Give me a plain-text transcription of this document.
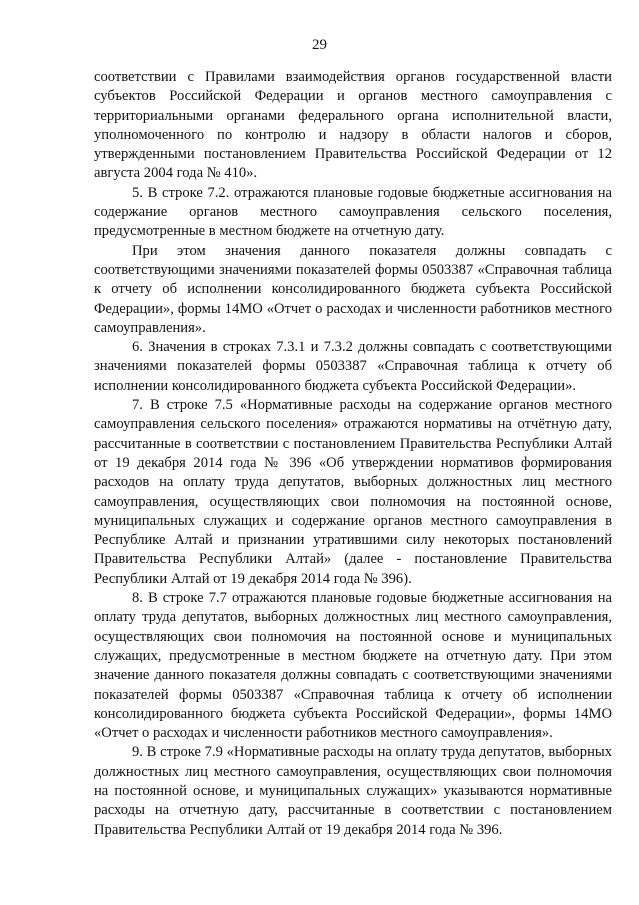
29

соответствии с Правилами взаимодействия органов государственной власти субъектов Российской Федерации и органов местного самоуправления с территориальными органами федерального органа исполнительной власти, уполномоченного по контролю и надзору в области налогов и сборов, утвержденными постановлением Правительства Российской Федерации от 12 августа 2004 года № 410».

5. В строке 7.2. отражаются плановые годовые бюджетные ассигнования на содержание органов местного самоуправления сельского поселения, предусмотренные в местном бюджете на отчетную дату.

При этом значения данного показателя должны совпадать с соответствующими значениями показателей формы 0503387 «Справочная таблица к отчету об исполнении консолидированного бюджета субъекта Российской Федерации», формы 14МО «Отчет о расходах и численности работников местного самоуправления».

6. Значения в строках 7.3.1 и 7.3.2 должны совпадать с соответствующими значениями показателей формы 0503387 «Справочная таблица к отчету об исполнении консолидированного бюджета субъекта Российской Федерации».

7. В строке 7.5 «Нормативные расходы на содержание органов местного самоуправления сельского поселения» отражаются нормативы на отчётную дату, рассчитанные в соответствии с постановлением Правительства Республики Алтай от 19 декабря 2014 года № 396 «Об утверждении нормативов формирования расходов на оплату труда депутатов, выборных должностных лиц местного самоуправления, осуществляющих свои полномочия на постоянной основе, муниципальных служащих и содержание органов местного самоуправления в Республике Алтай и признании утратившими силу некоторых постановлений Правительства Республики Алтай» (далее - постановление Правительства Республики Алтай от 19 декабря 2014 года № 396).

8. В строке 7.7 отражаются плановые годовые бюджетные ассигнования на оплату труда депутатов, выборных должностных лиц местного самоуправления, осуществляющих свои полномочия на постоянной основе и муниципальных служащих, предусмотренные в местном бюджете на отчетную дату. При этом значение данного показателя должны совпадать с соответствующими значениями показателей формы 0503387 «Справочная таблица к отчету об исполнении консолидированного бюджета субъекта Российской Федерации», формы 14МО «Отчет о расходах и численности работников местного самоуправления».

9. В строке 7.9 «Нормативные расходы на оплату труда депутатов, выборных должностных лиц местного самоуправления, осуществляющих свои полномочия на постоянной основе, и муниципальных служащих» указываются нормативные расходы на отчетную дату, рассчитанные в соответствии с постановлением Правительства Республики Алтай от 19 декабря 2014 года № 396.
